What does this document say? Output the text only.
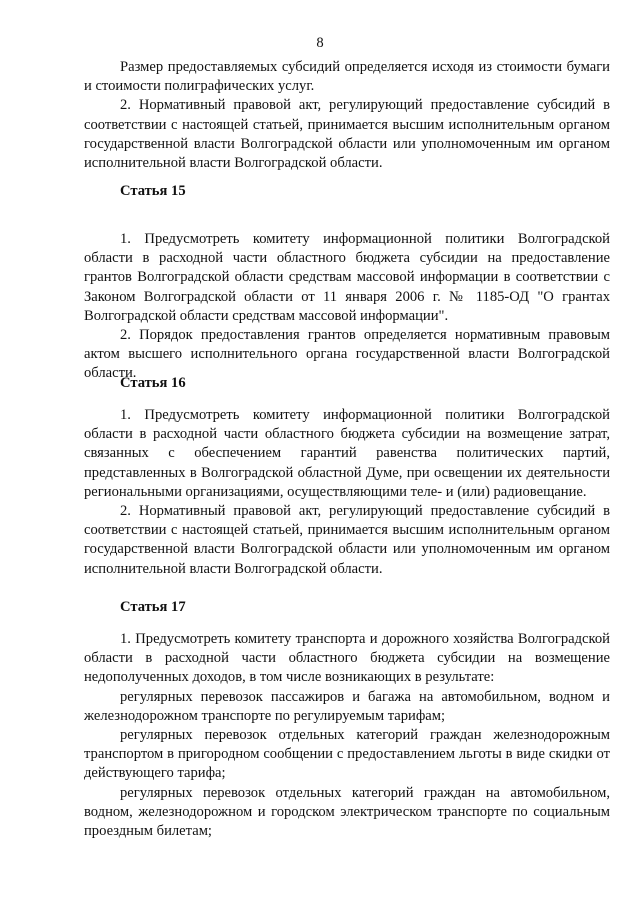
8

Размер предоставляемых субсидий определяется исходя из стоимости бумаги и стоимости полиграфических услуг.

2. Нормативный правовой акт, регулирующий предоставление субсидий в соответствии с настоящей статьей, принимается высшим исполнительным органом государственной власти Волгоградской области или уполномоченным им органом исполнительной власти Волгоградской области.

Статья 15

1. Предусмотреть комитету информационной политики Волгоградской области в расходной части областного бюджета субсидии на предоставление грантов Волгоградской области средствам массовой информации в соответствии с Законом Волгоградской области от 11 января 2006 г. № 1185-ОД "О грантах Волгоградской области средствам массовой информации".

2. Порядок предоставления грантов определяется нормативным правовым актом высшего исполнительного органа государственной власти Волгоградской области.

Статья 16

1. Предусмотреть комитету информационной политики Волгоградской области в расходной части областного бюджета субсидии на возмещение затрат, связанных с обеспечением гарантий равенства политических партий, представленных в Волгоградской областной Думе, при освещении их деятельности региональными организациями, осуществляющими теле- и (или) радиовещание.

2. Нормативный правовой акт, регулирующий предоставление субсидий в соответствии с настоящей статьей, принимается высшим исполнительным органом государственной власти Волгоградской области или уполномоченным им органом исполнительной власти Волгоградской области.

Статья 17

1. Предусмотреть комитету транспорта и дорожного хозяйства Волгоградской области в расходной части областного бюджета субсидии на возмещение недополученных доходов, в том числе возникающих в результате:

регулярных перевозок пассажиров и багажа на автомобильном, водном и железнодорожном транспорте по регулируемым тарифам;

регулярных перевозок отдельных категорий граждан железнодорожным транспортом в пригородном сообщении с предоставлением льготы в виде скидки от действующего тарифа;

регулярных перевозок отдельных категорий граждан на автомобильном, водном, железнодорожном и городском электрическом транспорте по социальным проездным билетам;
